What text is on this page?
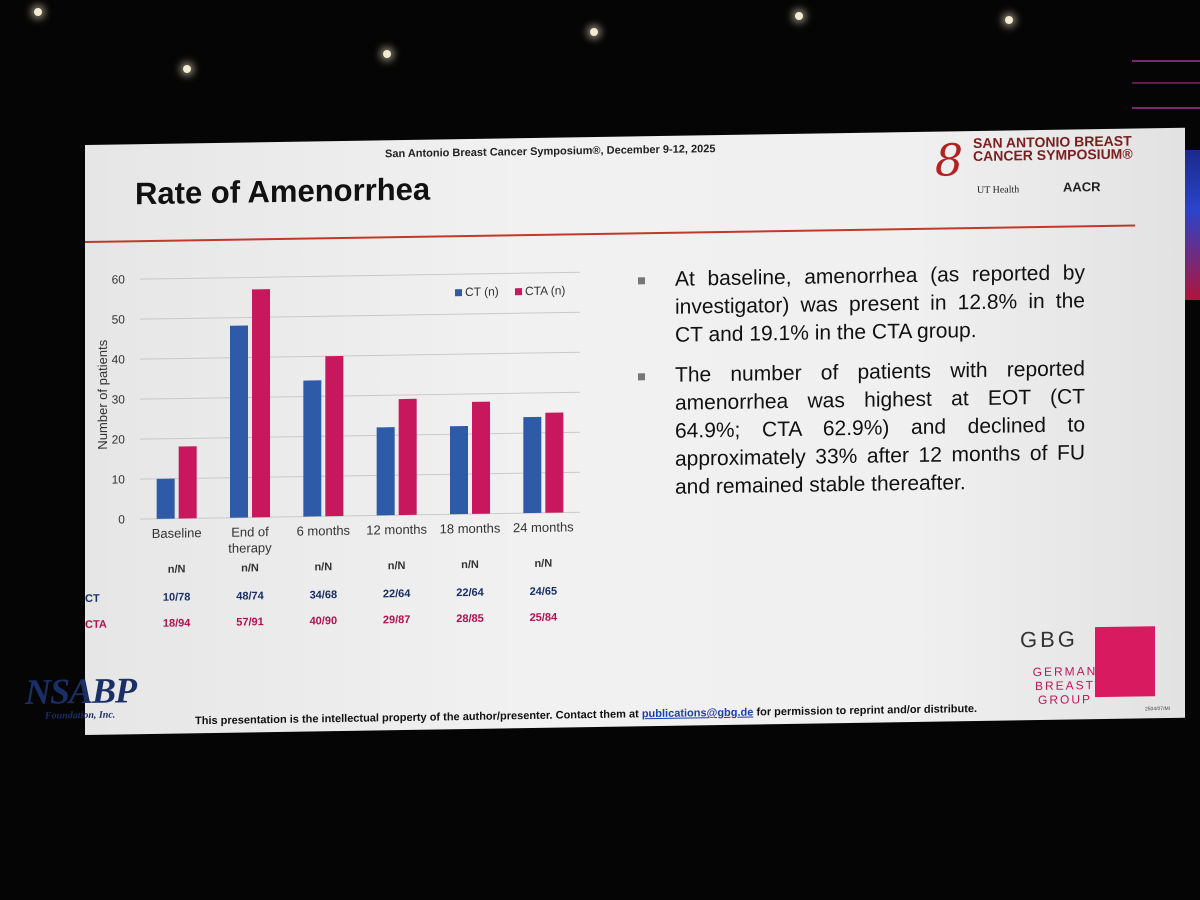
San Antonio Breast Cancer Symposium®, December 9-12, 2025
Rate of Amenorrhea
8 SAN ANTONIO BREAST CANCER SYMPOSIUM®
UT Health	AACR
0
10
20
30
40
50
60
Baseline End of
therapy
6 months 12 months 18 months 24 months
CT (n) CTA (n)
Number of patients
n/N	n/N	n/N	n/N	n/N	n/N
CT	10/78	48/74	34/68	22/64	22/64	24/65
CTA	18/94	57/91	40/90	29/87	28/85	25/84
At baseline, amenorrhea (as reported by investigator) was present in 12.8% in the CT and 19.1% in the CTA group.
The number of patients with reported amenorrhea was highest at EOT (CT 64.9%; CTA 62.9%) and declined to approximately 33% after 12 months of FU and remained stable thereafter.
NSABP
Foundation, Inc.	This presentation is the intellectual property of the author/presenter. Contact them at publications@gbg.de for permission to reprint and/or distribute.
GBG
GERMAN BREAST GROUP
2504/07/MI
